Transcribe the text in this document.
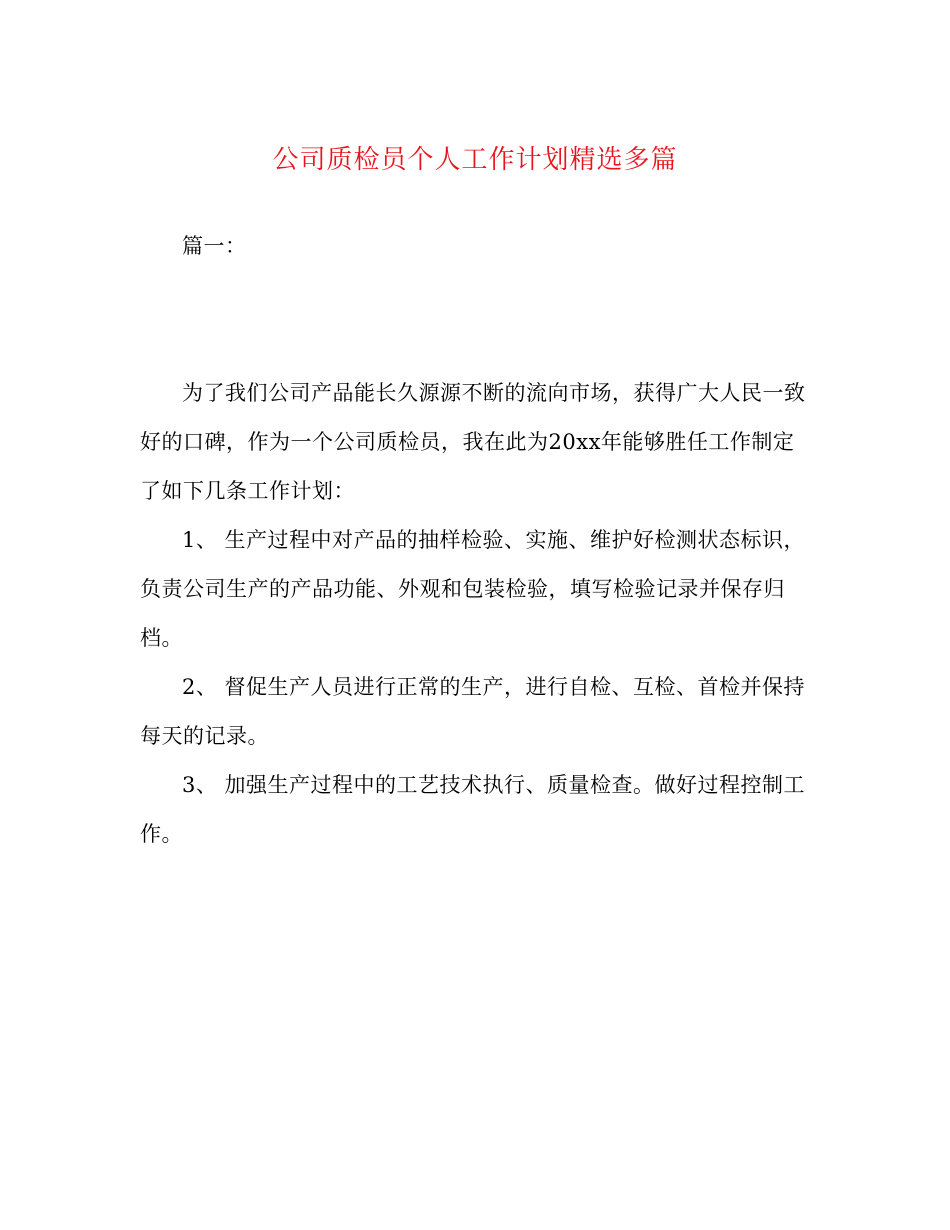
公司质检员个人工作计划精选多篇
篇一：
为了我们公司产品能长久源源不断的流向市场，获得广大人民一致
好的口碑，作为一个公司质检员，我在此为20xx年能够胜任工作制定
了如下几条工作计划：
1、 生产过程中对产品的抽样检验、实施、维护好检测状态标识，
负责公司生产的产品功能、外观和包装检验，填写检验记录并保存归
档。
2、 督促生产人员进行正常的生产，进行自检、互检、首检并保持
每天的记录。
3、 加强生产过程中的工艺技术执行、质量检查。做好过程控制工
作。
